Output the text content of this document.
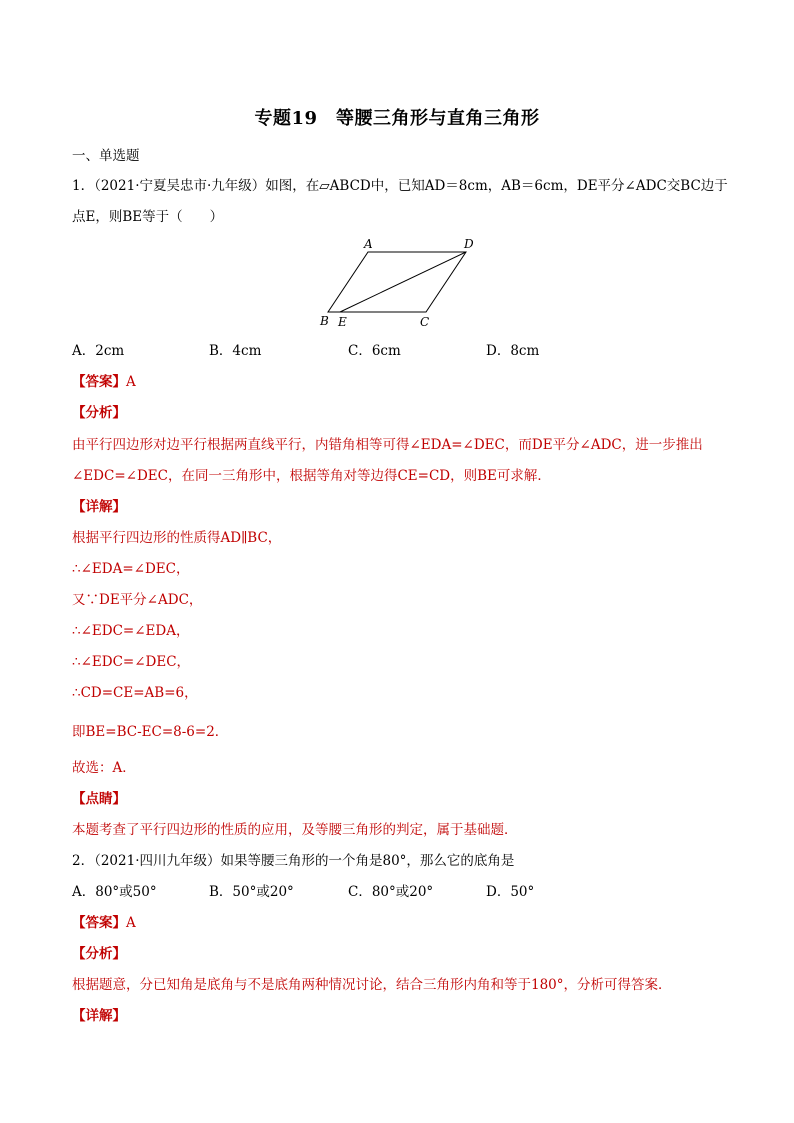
专题19　等腰三角形与直角三角形
一、单选题
1．（2021·宁夏吴忠市·九年级）如图，在▱ABCD中，已知AD＝8cm，AB＝6cm，DE平分∠ADC交BC边于
点E，则BE等于（　　）
A	D
B E	C
A．2cm	B．4cm	C．6cm	D．8cm
【答案】A
【分析】
由平行四边形对边平行根据两直线平行，内错角相等可得∠EDA=∠DEC，而DE平分∠ADC，进一步推出
∠EDC=∠DEC，在同一三角形中，根据等角对等边得CE=CD，则BE可求解．
【详解】
根据平行四边形的性质得AD∥BC，
∴∠EDA=∠DEC，
又∵DE平分∠ADC，
∴∠EDC=∠EDA，
∴∠EDC=∠DEC，
∴CD=CE=AB=6，
即BE=BC-EC=8-6=2．
故选：A．
【点睛】
本题考查了平行四边形的性质的应用，及等腰三角形的判定，属于基础题．
2．（2021·四川九年级）如果等腰三角形的一个角是80°，那么它的底角是
A．80°或50°	B．50°或20°	C．80°或20°	D．50°
【答案】A
【分析】
根据题意，分已知角是底角与不是底角两种情况讨论，结合三角形内角和等于180°，分析可得答案．
【详解】
